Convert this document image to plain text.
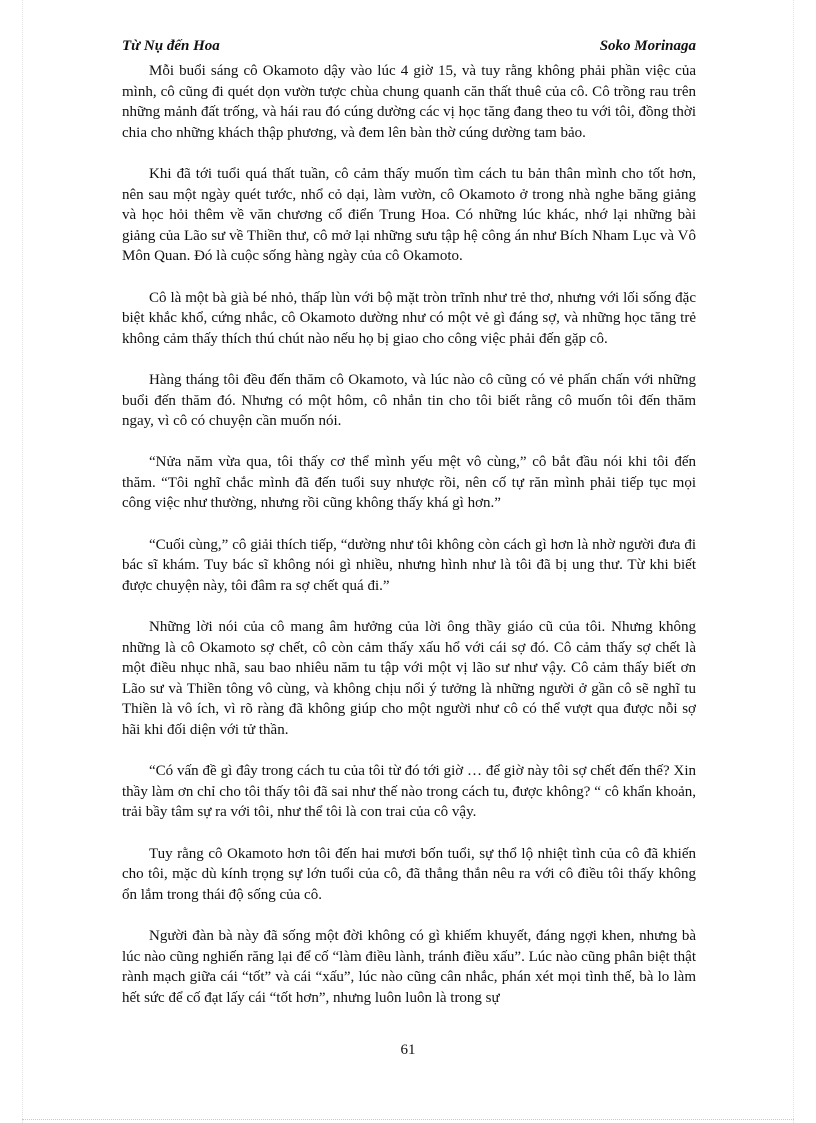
Từ Nụ đến Hoa	Soko Morinaga

Mỗi buổi sáng cô Okamoto dậy vào lúc 4 giờ 15, và tuy rằng không phải phần việc của mình, cô cũng đi quét dọn vườn tược chùa chung quanh căn thất thuê của cô. Cô trồng rau trên những mảnh đất trống, và hái rau đó cúng dường các vị học tăng đang theo tu với tôi, đồng thời chia cho những khách thập phương, và đem lên bàn thờ cúng dường tam bảo.

Khi đã tới tuổi quá thất tuần, cô cảm thấy muốn tìm cách tu bản thân mình cho tốt hơn, nên sau một ngày quét tước, nhổ cỏ dại, làm vườn, cô Okamoto ở trong nhà nghe băng giảng và học hỏi thêm về văn chương cổ điển Trung Hoa. Có những lúc khác, nhớ lại những bài giảng của Lão sư về Thiền thư, cô mở lại những sưu tập hệ công án như Bích Nham Lục và Vô Môn Quan. Đó là cuộc sống hàng ngày của cô Okamoto.

Cô là một bà già bé nhỏ, thấp lùn với bộ mặt tròn trĩnh như trẻ thơ, nhưng với lối sống đặc biệt khắc khổ, cứng nhắc, cô Okamoto dường như có một vẻ gì đáng sợ, và những học tăng trẻ không cảm thấy thích thú chút nào nếu họ bị giao cho công việc phải đến gặp cô.

Hàng tháng tôi đều đến thăm cô Okamoto, và lúc nào cô cũng có vẻ phấn chấn với những buổi đến thăm đó. Nhưng có một hôm, cô nhắn tin cho tôi biết rằng cô muốn tôi đến thăm ngay, vì cô có chuyện cần muốn nói.

“Nửa năm vừa qua, tôi thấy cơ thể mình yếu mệt vô cùng,” cô bắt đầu nói khi tôi đến thăm. “Tôi nghĩ chắc mình đã đến tuổi suy nhược rồi, nên cố tự răn mình phải tiếp tục mọi công việc như thường, nhưng rồi cũng không thấy khá gì hơn.”

“Cuối cùng,” cô giải thích tiếp, “dường như tôi không còn cách gì hơn là nhờ người đưa đi bác sĩ khám. Tuy bác sĩ không nói gì nhiều, nhưng hình như là tôi đã bị ung thư. Từ khi biết được chuyện này, tôi đâm ra sợ chết quá đi.”

Những lời nói của cô mang âm hưởng của lời ông thầy giáo cũ của tôi. Nhưng không những là cô Okamoto sợ chết, cô còn cảm thấy xấu hổ với cái sợ đó. Cô cảm thấy sợ chết là một điều nhục nhã, sau bao nhiêu năm tu tập với một vị lão sư như vậy. Cô cảm thấy biết ơn Lão sư và Thiền tông vô cùng, và không chịu nổi ý tưởng là những người ở gần cô sẽ nghĩ tu Thiền là vô ích, vì rõ ràng đã không giúp cho một người như cô có thể vượt qua được nỗi sợ hãi khi đối diện với tử thần.

“Có vấn đề gì đây trong cách tu của tôi từ đó tới giờ … để giờ này tôi sợ chết đến thế? Xin thầy làm ơn chỉ cho tôi thấy tôi đã sai như thế nào trong cách tu, được không? “ cô khẩn khoản, trải bầy tâm sự ra với tôi, như thể tôi là con trai của cô vậy.

Tuy rằng cô Okamoto hơn tôi đến hai mươi bốn tuổi, sự thổ lộ nhiệt tình của cô đã khiến cho tôi, mặc dù kính trọng sự lớn tuổi của cô, đã thẳng thắn nêu ra với cô điều tôi thấy không ổn lắm trong thái độ sống của cô.

Người đàn bà này đã sống một đời không có gì khiếm khuyết, đáng ngợi khen, nhưng bà lúc nào cũng nghiến răng lại để cố “làm điều lành, tránh điều xấu”. Lúc nào cũng phân biệt thật rành mạch giữa cái “tốt” và cái “xấu”, lúc nào cũng cân nhắc, phán xét mọi tình thế, bà lo làm hết sức để cố đạt lấy cái “tốt hơn”, nhưng luôn luôn là trong sự

61
